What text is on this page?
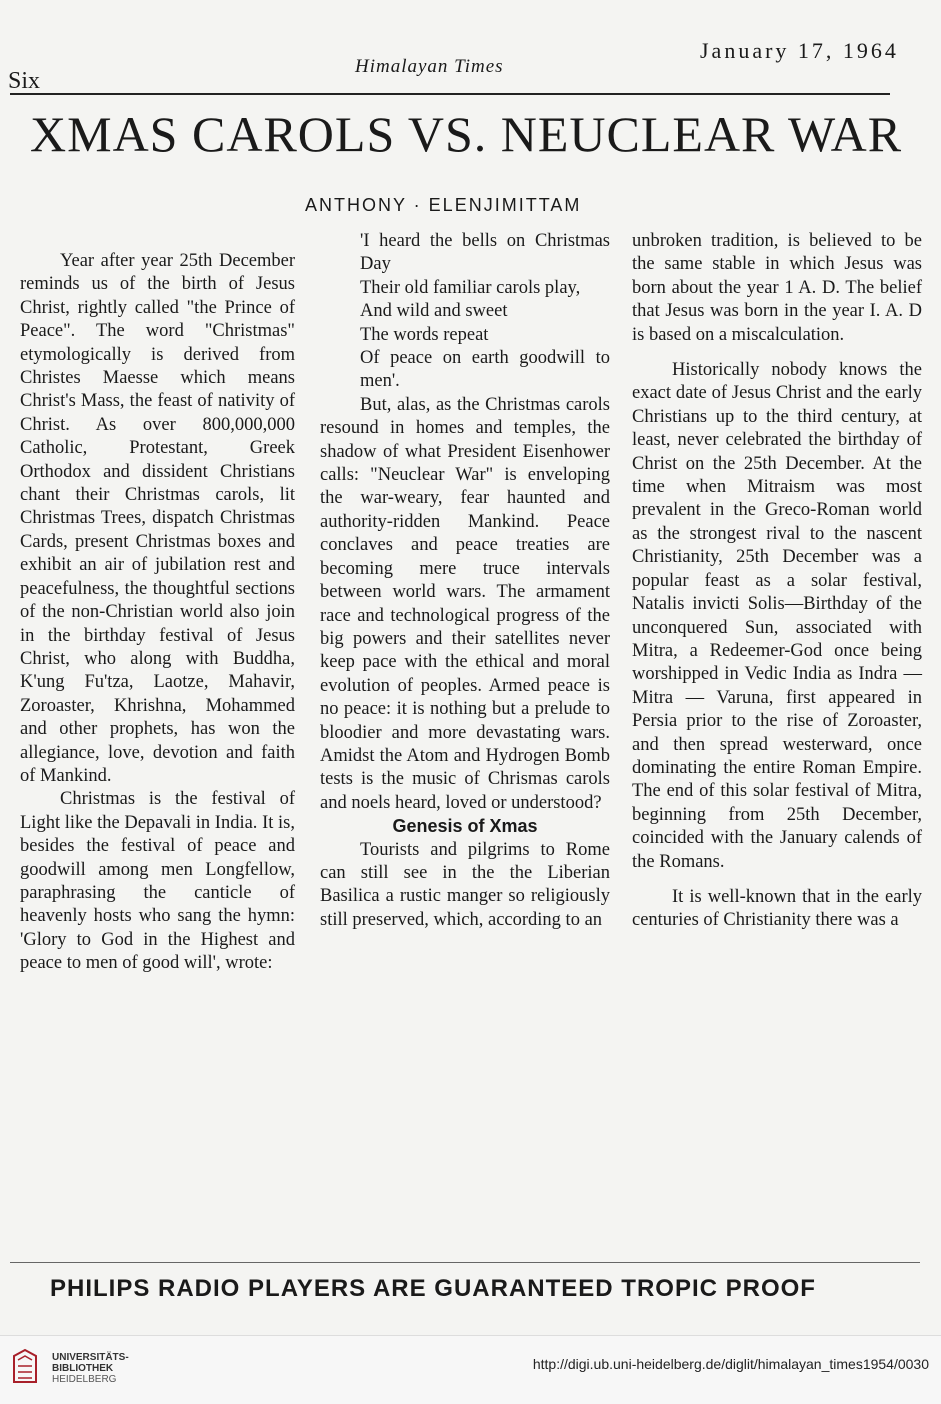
Six
Himalayan Times
January 17, 1964
XMAS CAROLS VS. NEUCLEAR WAR
ANTHONY · ELENJIMITTAM

Year after year 25th December reminds us of the birth of Jesus Christ, rightly called "the Prince of Peace". The word "Christmas" etymologically is derived from Christes Maesse which means Christ's Mass, the feast of nativity of Christ. As over 800,000,000 Catholic, Protestant, Greek Orthodox and dissident Christians chant their Christmas carols, lit Christmas Trees, dispatch Christmas Cards, present Christmas boxes and exhibit an air of jubilation rest and peacefulness, the thoughtful sections of the non-Christian world also join in the birthday festival of Jesus Christ, who along with Buddha, K'ung Fu'tza, Laotze, Mahavir, Zoroaster, Khrishna, Mohammed and other prophets, has won the allegiance, love, devotion and faith of Mankind.

Christmas is the festival of Light like the Depavali in India. It is, besides the festival of peace and goodwill among men Longfellow, paraphrasing the canticle of heavenly hosts who sang the hymn: 'Glory to God in the Highest and peace to men of good will', wrote:

'I heard the bells on Christmas Day
Their old familiar carols play,
And wild and sweet
The words repeat
Of peace on earth goodwill to men'.

But, alas, as the Christmas carols resound in homes and temples, the shadow of what President Eisenhower calls: "Neuclear War" is enveloping the war-weary, fear haunted and authority-ridden Mankind. Peace conclaves and peace treaties are becoming mere truce intervals between world wars. The armament race and technological progress of the big powers and their satellites never keep pace with the ethical and moral evolution of peoples. Armed peace is no peace: it is nothing but a prelude to bloodier and more devastating wars. Amidst the Atom and Hydrogen Bomb tests is the music of Chrismas carols and noels heard, loved or understood?

Genesis of Xmas

Tourists and pilgrims to Rome can still see in the the Liberian Basilica a rustic manger so religiously still preserved, which, according to an

unbroken tradition, is believed to be the same stable in which Jesus was born about the year 1 A. D. The belief that Jesus was born in the year I. A. D is based on a miscalculation.

Historically nobody knows the exact date of Jesus Christ and the early Christians up to the third century, at least, never celebrated the birthday of Christ on the 25th December. At the time when Mitraism was most prevalent in the Greco-Roman world as the strongest rival to the nascent Christianity, 25th December was a popular feast as a solar festival, Natalis invicti Solis—Birthday of the unconquered Sun, associated with Mitra, a Redeemer-God once being worshipped in Vedic India as Indra — Mitra — Varuna, first appeared in Persia prior to the rise of Zoroaster, and then spread westerward, once dominating the entire Roman Empire. The end of this solar festival of Mitra, beginning from 25th December, coincided with the January calends of the Romans.

It is well-known that in the early centuries of Christianity there was a

PHILIPS RADIO PLAYERS ARE GUARANTEED TROPIC PROOF
UNIVERSITÄTS-
BIBLIOTHEK
HEIDELBERG
http://digi.ub.uni-heidelberg.de/diglit/himalayan_times1954/0030
